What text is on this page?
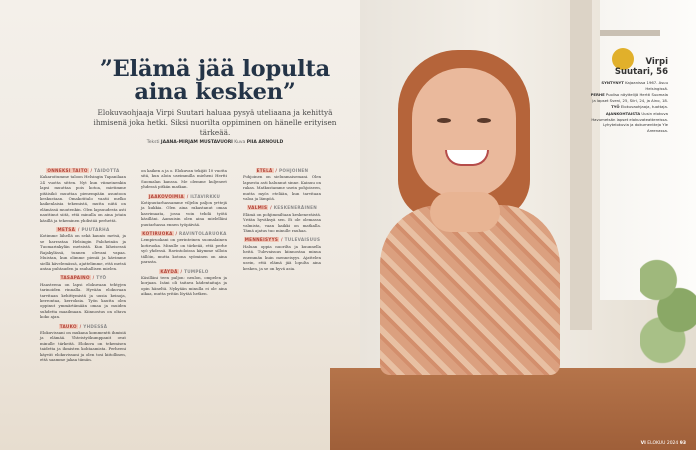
”Elämä jää lopulta aina kesken”

Elokuvaohjaaja Virpi Suutari haluaa pysyä uteliaana ja kehittyä ihmisenä joka hetki. Siksi nuorilta oppiminen on hänelle erityisen tärkeää.

Teksti JAANA-MIRJAM MUSTAVUORI Kuva PIIA ARNOULD

Virpi
Suutari, 56

SYNTYNYT Kajaanissa 1967. Asuu Helsingissä.

PERHE Puoliso näyttelijä Hertti Suomala ja lapset Sveni, 25, Siiri, 24, ja Aino, 18.

TYÖ Elokuvaohjaaja, tuottaja.

AJANKOHTAISTA Uusin elokuva Havumetsän lapset elokuvateattereissa. Lyhytelokuvia ja dokumentteja Yle Areenassa.

ONNEKSI TAITO / TAIDOTTA

Kakaroitumme taloon Helsingin Tapanilaan 24 vuotta sitten. Nyt kun viimeinenkin lapsi muuttaa pois kotoa, mietimme pitäisikö muuttaa pienempään asuntoon keskustaan. Omakotitalo vaatii melko kaikenlaisia tekemistä, mutta niitä on elämässä muutenkin. Olen lapsuudesta asti nauttinut siitä, että minulla on aina jotain käsillä ja tekeminen yhdistää perhettä.

METSÄ / PUUTARHA

Kotimme lähellä on sekä kaunis metsä, ja se harrastaa Helsingin Paloheinän ja Tuomarinkylän metsistä. Kun läheisessä Rajakylässä, tunnen olevani vapaa. Muistan, kun olimme pieniä ja kävimme siellä kävelemässä, ajattelimme, että metsä antaa puhtauden ja rauhallisen mielen.

TASAPAINO / TYÖ

Haasteena on lapsi elokuvaan tehtyjen tarinoiden rinnalla. Hyvään elokuvaan tarvitaan kehittymistä ja uusia keinoja, kerrontaa, kerroksia. Työn kautta olen oppinut ymmärtämään omaa ja muiden suhdetta maailmaan. Kiinnostus on oltava koko ajan.

TAUKO / YHDESSÄ

Elokuvissani on mukana kommentti ihmisiä ja elämää. Yhteistyökumppanit ovat minulle tärkeitä. Elokuva on tekemisen taidetta ja ihmisten kohtaamista. Perheeni käyvät elokuvissani ja olen tosi kiitollinen, että saamme jakaa tämän.

on kaiken a ja o. Elokuvan tekijät 10 vuotta sitä, kun aloin useimmilla mieheni Hertti Suomalan kanssa. Me olemme kuljeneet yhdessä pitkän matkan.

JAAKOVOIMIA / ILTAVIRKKU

Kotipuutarhassamme viljelin paljon yrttejä ja kukkia. Olen aina rakastanut omaa kasvimaata, jossa voin tehdä työtä käsilläni. Aamuisin olen aina mielelläni puutarhassa ennen työpäivää.

KOTIRUOKA / RAVINTOLARUOKA

Lempiruokani on perinteinen suomalainen kotiruoka. Minulle on tärkeää, että perhe syö yhdessä. Ravintoloissa käymme silloin tällöin, mutta kotona syöminen on aina parasta.

KÄYDÄ / TUMPELO

Käsilläni teen paljon: neulon, ompelen ja korjaan. Isäni oli taitava kädentaitaja ja opin häneltä. Nykyään minulla ei ole aina aikaa, mutta yritän löytää hetken.

ETELÄ / POHJOINEN

Pohjoinen on sielunmaisemani. Olen lapsesta asti halunnut sinne. Kainuu on rakas. Matkustamme usein pohjoiseen, mutta myös etelään, kun tarvitaan valoa ja lämpöä.

VALMIS / KESKENERÄINEN

Elämä on pohjimmiltaan keskeneräistä. Yritän hyväksyä sen. Ei ole olemassa valmista, vaan kaikki on matkalla. Tämä ajatus tuo minulle rauhaa.

MENNEISYYS / TULEVAISUUS

Haluan oppia nuorilta ja kuunnella heitä. Tulevaisuus kiinnostaa minua enemmän kuin menneisyys. Ajattelen usein, että elämä jää lopulta aina kesken, ja se on hyvä asia.

VI ELOKUU 2024 93
